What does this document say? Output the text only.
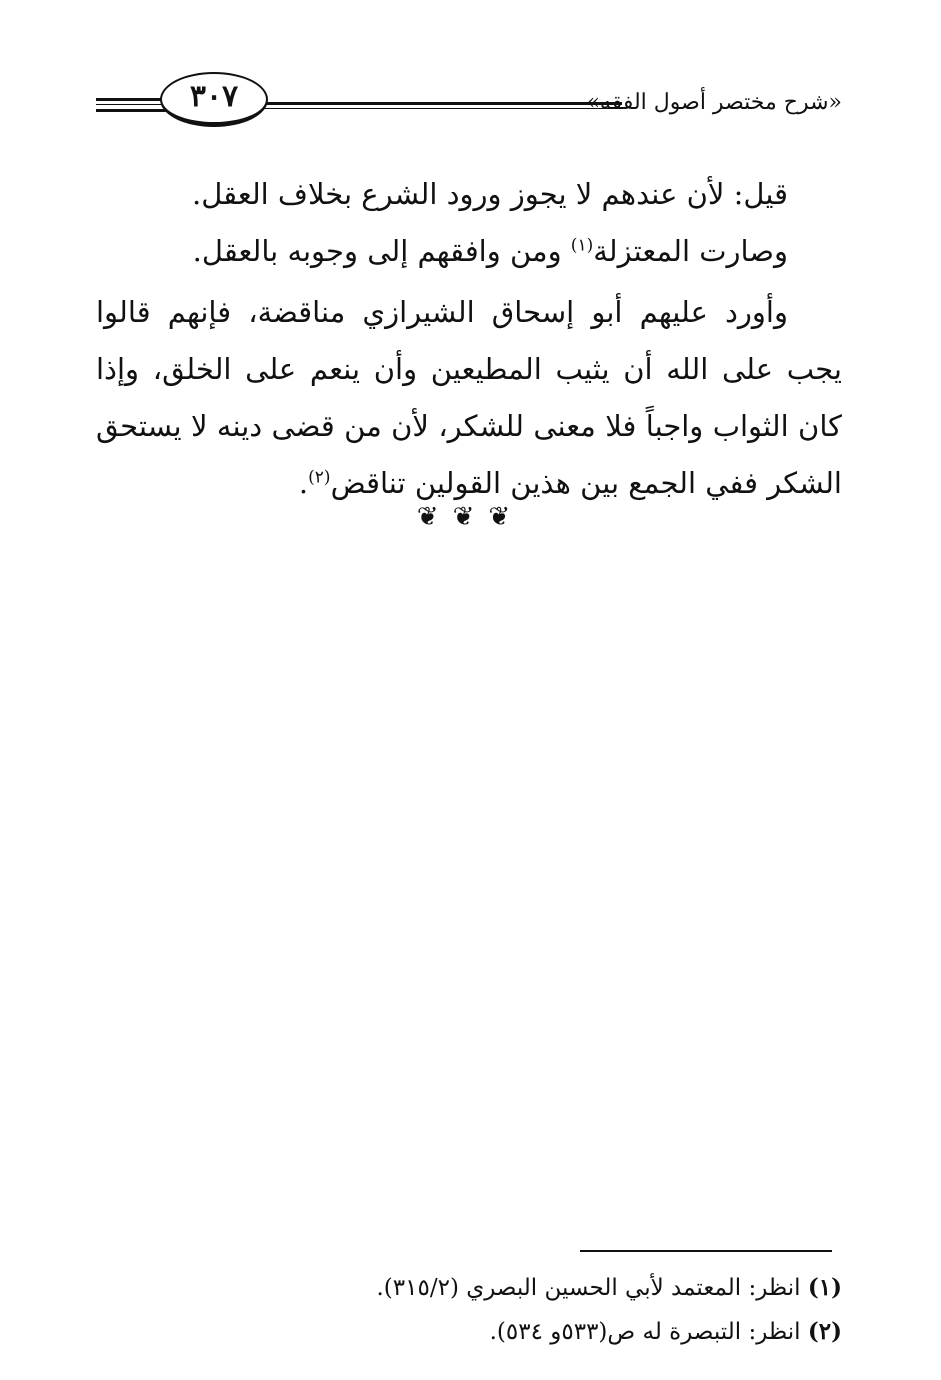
«شرح مختصر أصول الفقه»
٣٠٧

قيل: لأن عندهم لا يجوز ورود الشرع بخلاف العقل.

وصارت المعتزلة$^{(١)}$ ومن وافقهم إلى وجوبه بالعقل.

وأورد عليهم أبو إسحاق الشيرازي مناقضة، فإنهم قالوا يجب على الله أن يثيب المطيعين وأن ينعم على الخلق، وإذا كان الثواب واجباً فلا معنى للشكر، لأن من قضى دينه لا يستحق الشكر ففي الجمع بين هذين القولين تناقض$^{(٢)}$.

❦❦❦

(١) انظر: المعتمد لأبي الحسين البصري (٣١٥/٢).

(٢) انظر: التبصرة له ص(٥٣٣و ٥٣٤).
